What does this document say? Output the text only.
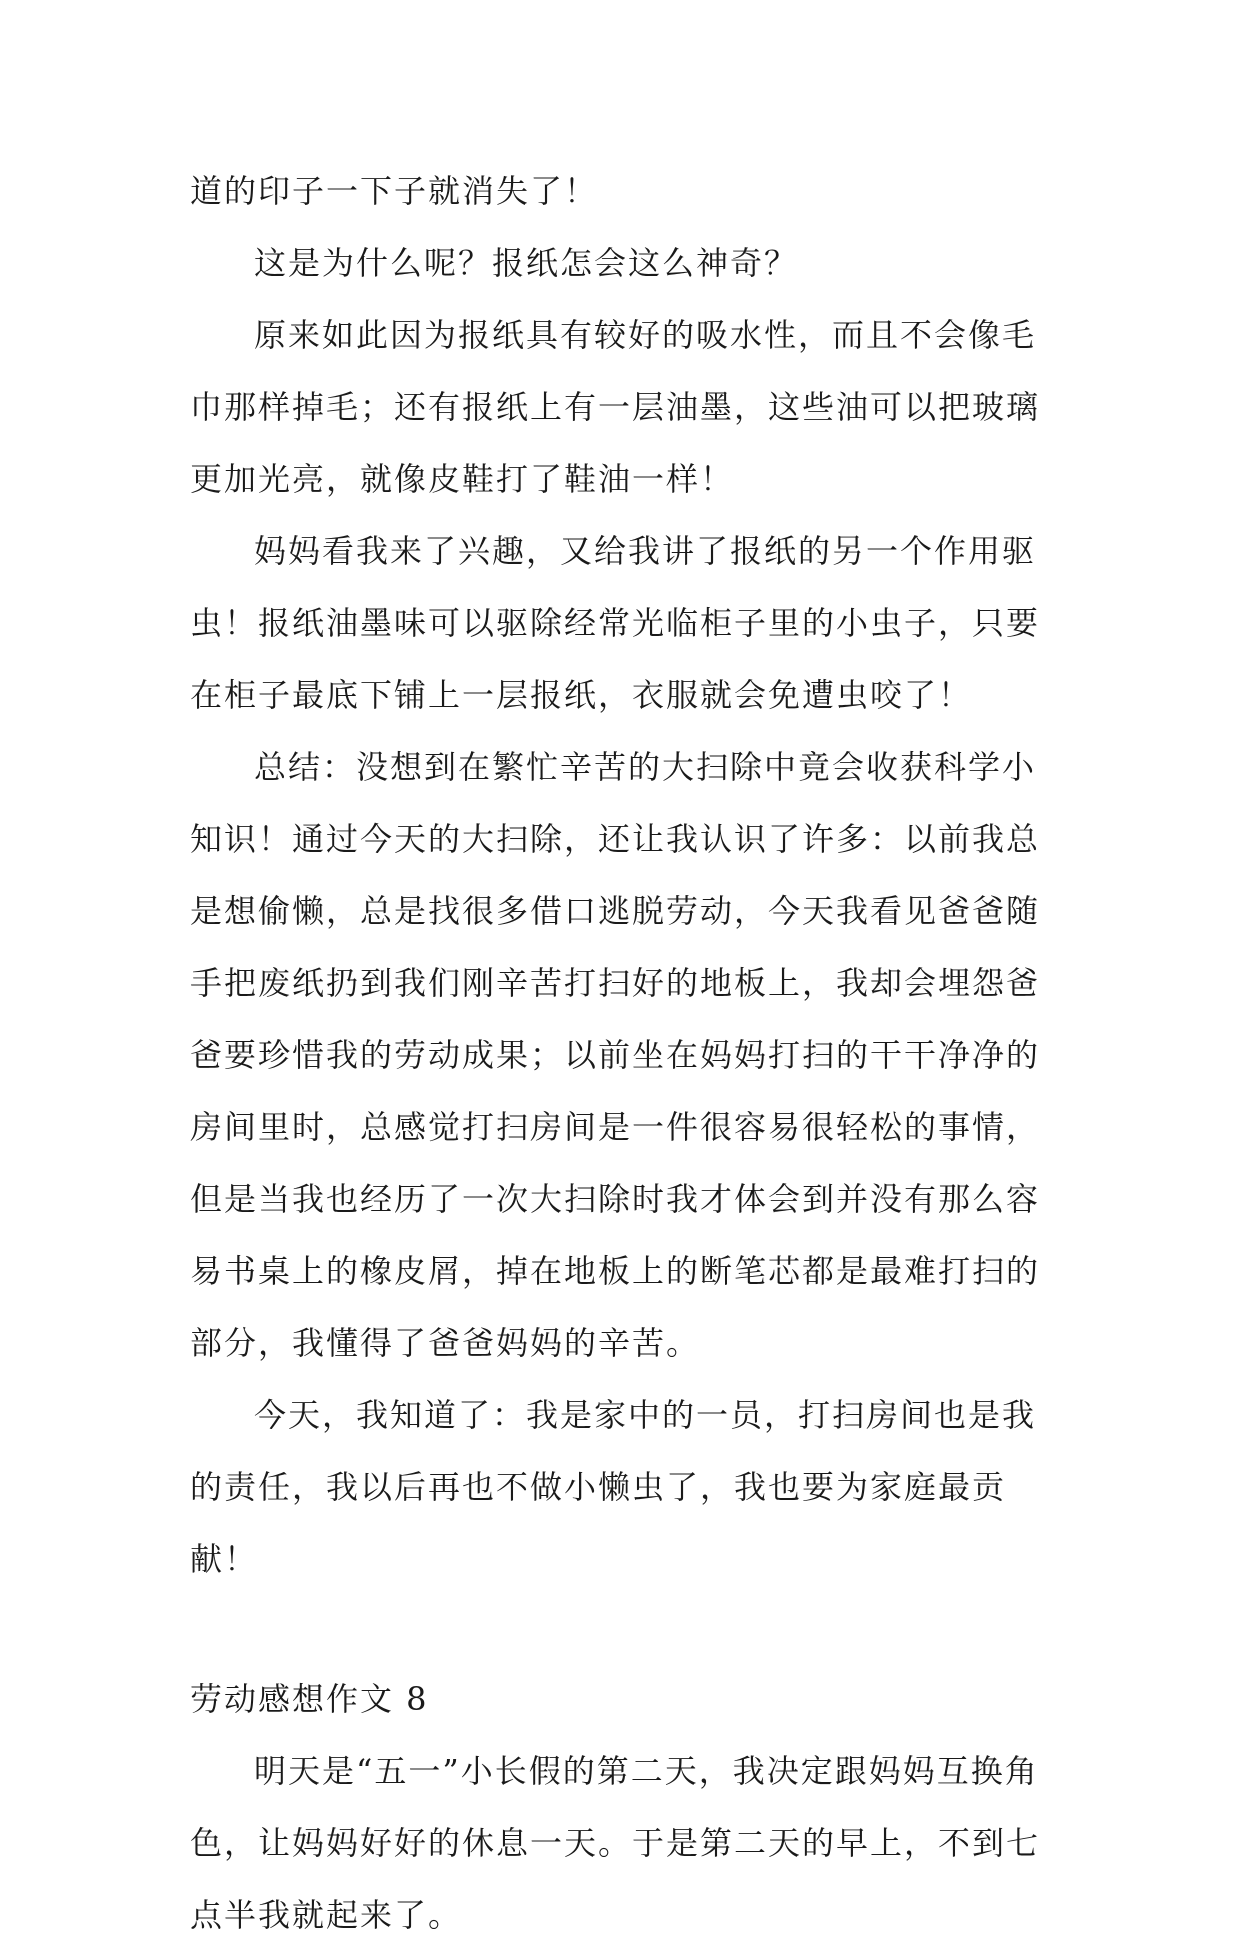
道的印子一下子就消失了！

这是为什么呢？报纸怎会这么神奇？

原来如此因为报纸具有较好的吸水性，而且不会像毛巾那样掉毛；还有报纸上有一层油墨，这些油可以把玻璃更加光亮，就像皮鞋打了鞋油一样！

妈妈看我来了兴趣，又给我讲了报纸的另一个作用驱虫！报纸油墨味可以驱除经常光临柜子里的小虫子，只要在柜子最底下铺上一层报纸，衣服就会免遭虫咬了！

总结：没想到在繁忙辛苦的大扫除中竟会收获科学小知识！通过今天的大扫除，还让我认识了许多：以前我总是想偷懒，总是找很多借口逃脱劳动，今天我看见爸爸随手把废纸扔到我们刚辛苦打扫好的地板上，我却会埋怨爸爸要珍惜我的劳动成果；以前坐在妈妈打扫的干干净净的房间里时，总感觉打扫房间是一件很容易很轻松的事情，但是当我也经历了一次大扫除时我才体会到并没有那么容易书桌上的橡皮屑，掉在地板上的断笔芯都是最难打扫的部分，我懂得了爸爸妈妈的辛苦。

今天，我知道了：我是家中的一员，打扫房间也是我的责任，我以后再也不做小懒虫了，我也要为家庭最贡献！

劳动感想作文 8

明天是“五一”小长假的第二天，我决定跟妈妈互换角色，让妈妈好好的休息一天。于是第二天的早上，不到七点半我就起来了。
